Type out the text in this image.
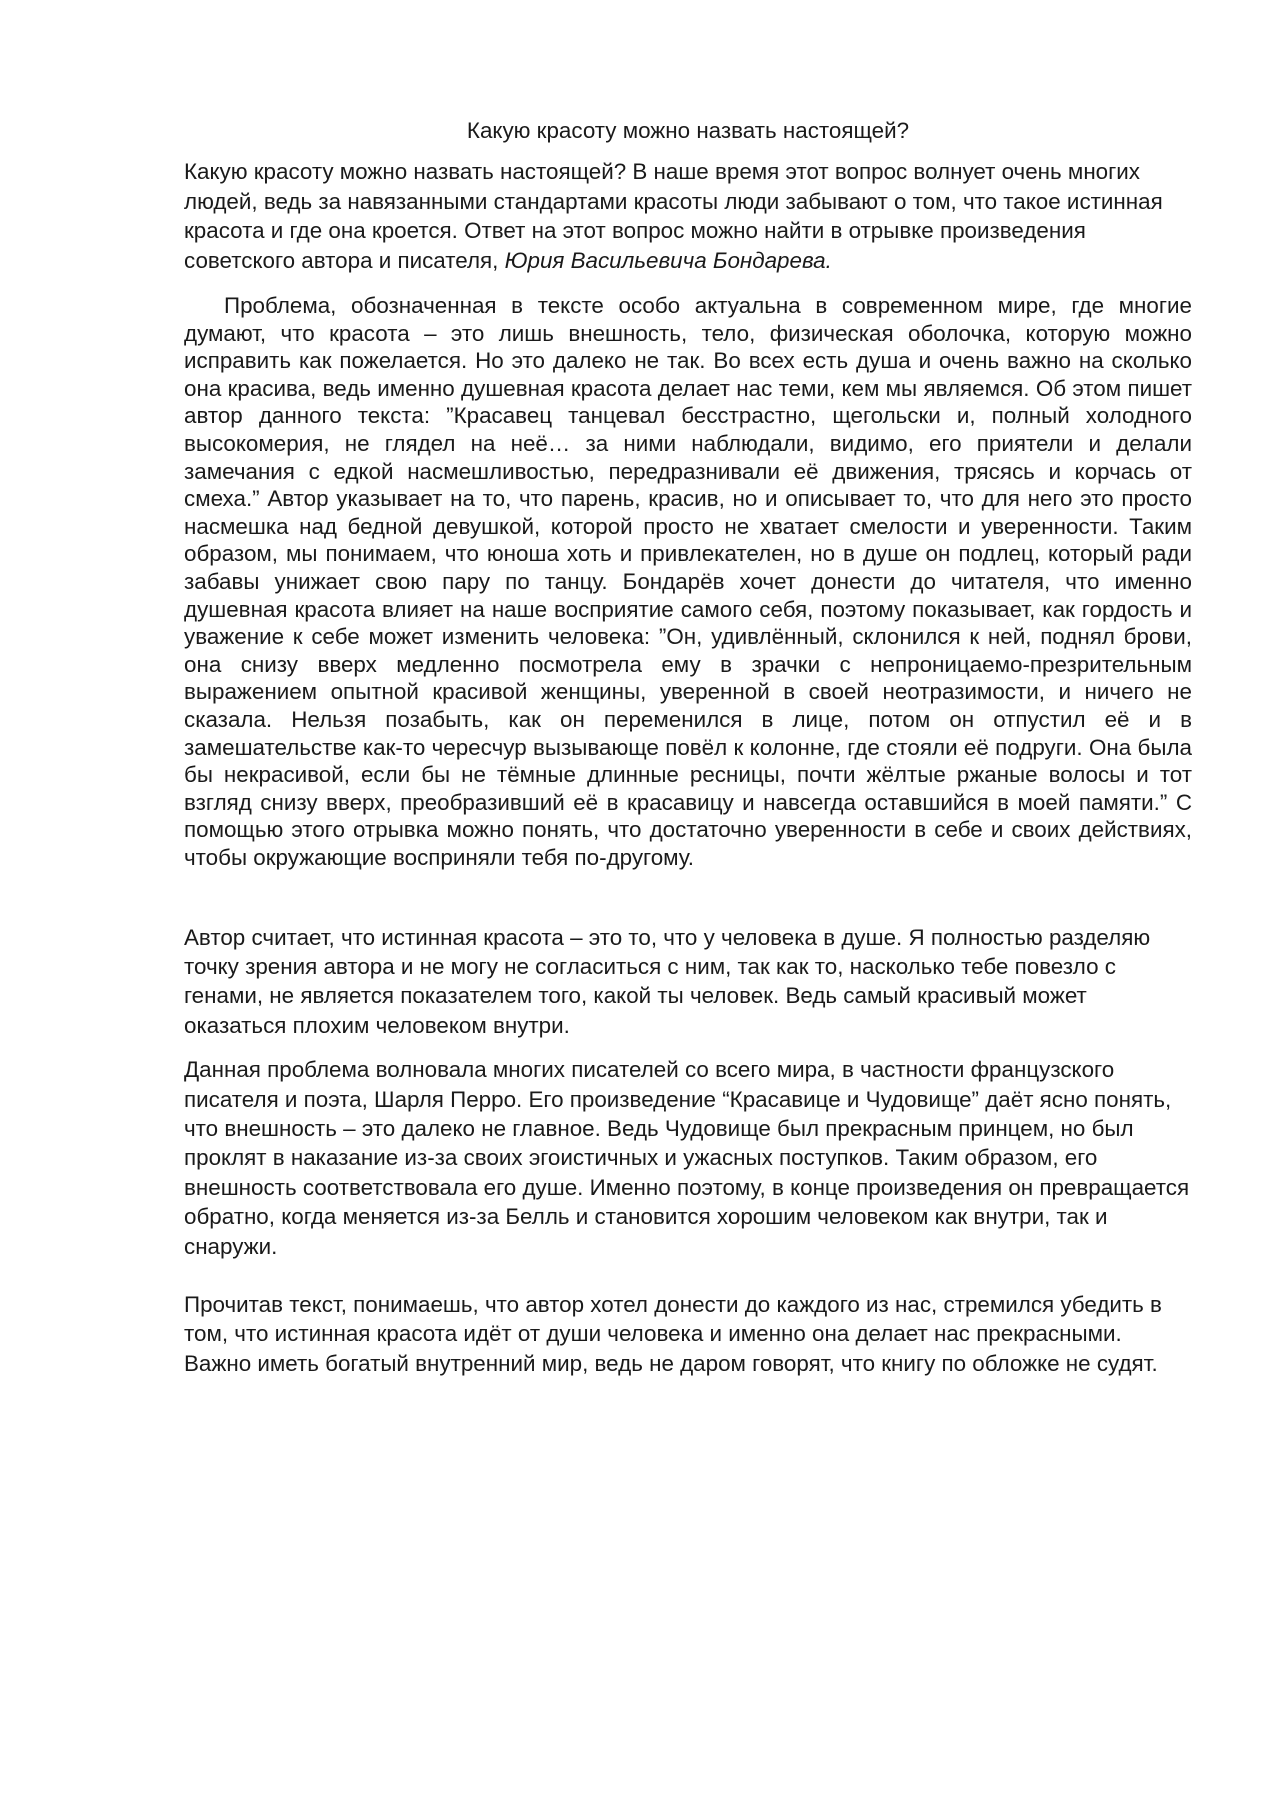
Какую красоту можно назвать настоящей?

Какую красоту можно назвать настоящей? В наше время этот вопрос волнует очень многих людей, ведь за навязанными стандартами красоты люди забывают о том, что такое истинная красота и где она кроется. Ответ на этот вопрос можно найти в отрывке произведения советского автора и писателя, Юрия Васильевича Бондарева.

Проблема, обозначенная в тексте особо актуальна в современном мире, где многие думают, что красота – это лишь внешность, тело, физическая оболочка, которую можно исправить как пожелается. Но это далеко не так. Во всех есть душа и очень важно на сколько она красива, ведь именно душевная красота делает нас теми, кем мы являемся. Об этом пишет автор данного текста: ”Красавец танцевал бесстрастно, щегольски и, полный холодного высокомерия, не глядел на неё… за ними наблюдали, видимо, его приятели и делали замечания с едкой насмешливостью, передразнивали её движения, трясясь и корчась от смеха.” Автор указывает на то, что парень, красив, но и описывает то, что для него это просто насмешка над бедной девушкой, которой просто не хватает смелости и уверенности. Таким образом, мы понимаем, что юноша хоть и привлекателен, но в душе он подлец, который ради забавы унижает свою пару по танцу. Бондарёв хочет донести до читателя, что именно душевная красота влияет на наше восприятие самого себя, поэтому показывает, как гордость и уважение к себе может изменить человека: ”Он, удивлённый, склонился к ней, поднял брови, она снизу вверх медленно посмотрела ему в зрачки с непроницаемо-презрительным выражением опытной красивой женщины, уверенной в своей неотразимости, и ничего не сказала. Нельзя позабыть, как он переменился в лице, потом он отпустил её и в замешательстве как-то чересчур вызывающе повёл к колонне, где стояли её подруги. Она была бы некрасивой, если бы не тёмные длинные ресницы, почти жёлтые ржаные волосы и тот взгляд снизу вверх, преобразивший её в красавицу и навсегда оставшийся в моей памяти.” С помощью этого отрывка можно понять, что достаточно уверенности в себе и своих действиях, чтобы окружающие восприняли тебя по-другому.

Автор считает, что истинная красота – это то, что у человека в душе. Я полностью разделяю точку зрения автора и не могу не согласиться с ним, так как то, насколько тебе повезло с генами, не является показателем того, какой ты человек. Ведь самый красивый может оказаться плохим человеком внутри.

Данная проблема волновала многих писателей со всего мира, в частности французского писателя и поэта, Шарля Перро. Его произведение “Красавице и Чудовище” даёт ясно понять, что внешность – это далеко не главное. Ведь Чудовище был прекрасным принцем, но был проклят в наказание из-за своих эгоистичных и ужасных поступков. Таким образом, его внешность соответствовала его душе. Именно поэтому, в конце произведения он превращается обратно, когда меняется из-за Белль и становится хорошим человеком как внутри, так и снаружи.

Прочитав текст, понимаешь, что автор хотел донести до каждого из нас, стремился убедить в том, что истинная красота идёт от души человека и именно она делает нас прекрасными. Важно иметь богатый внутренний мир, ведь не даром говорят, что книгу по обложке не судят.
